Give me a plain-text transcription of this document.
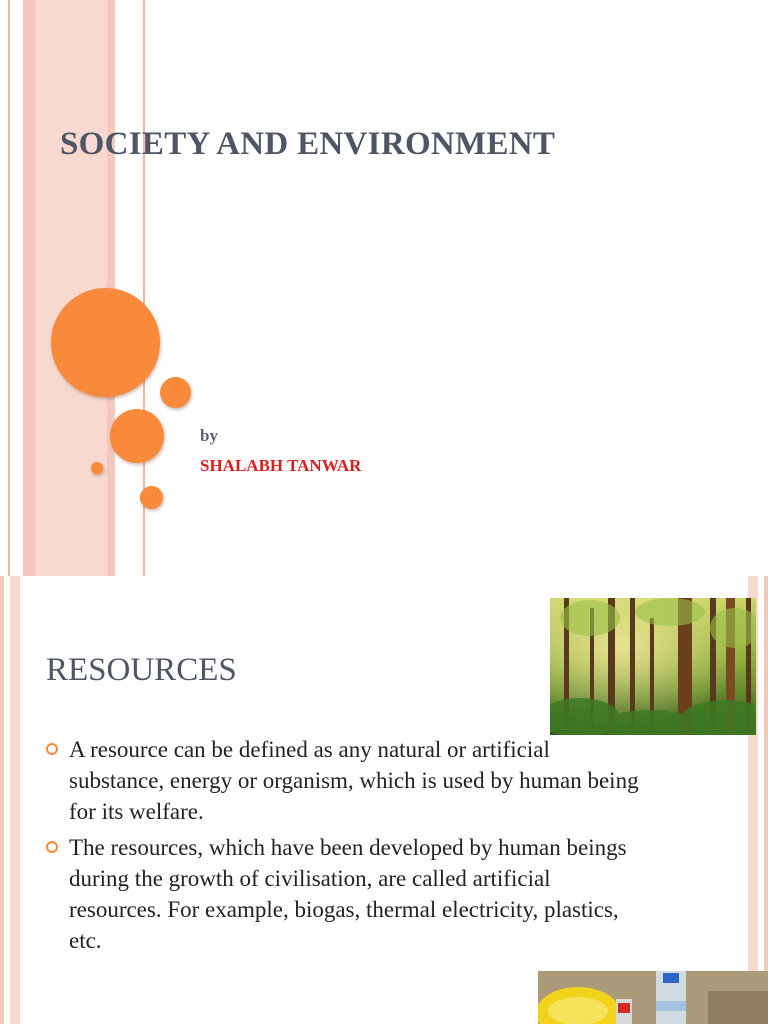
SOCIETY AND ENVIRONMENT
by
SHALABH TANWAR
RESOURCES
A resource can be defined as any natural or artificial substance, energy or organism, which is used by human being for its welfare.
The resources, which have been developed by human beings during the growth of civilisation, are called artificial resources. For example, biogas, thermal electricity, plastics, etc.
